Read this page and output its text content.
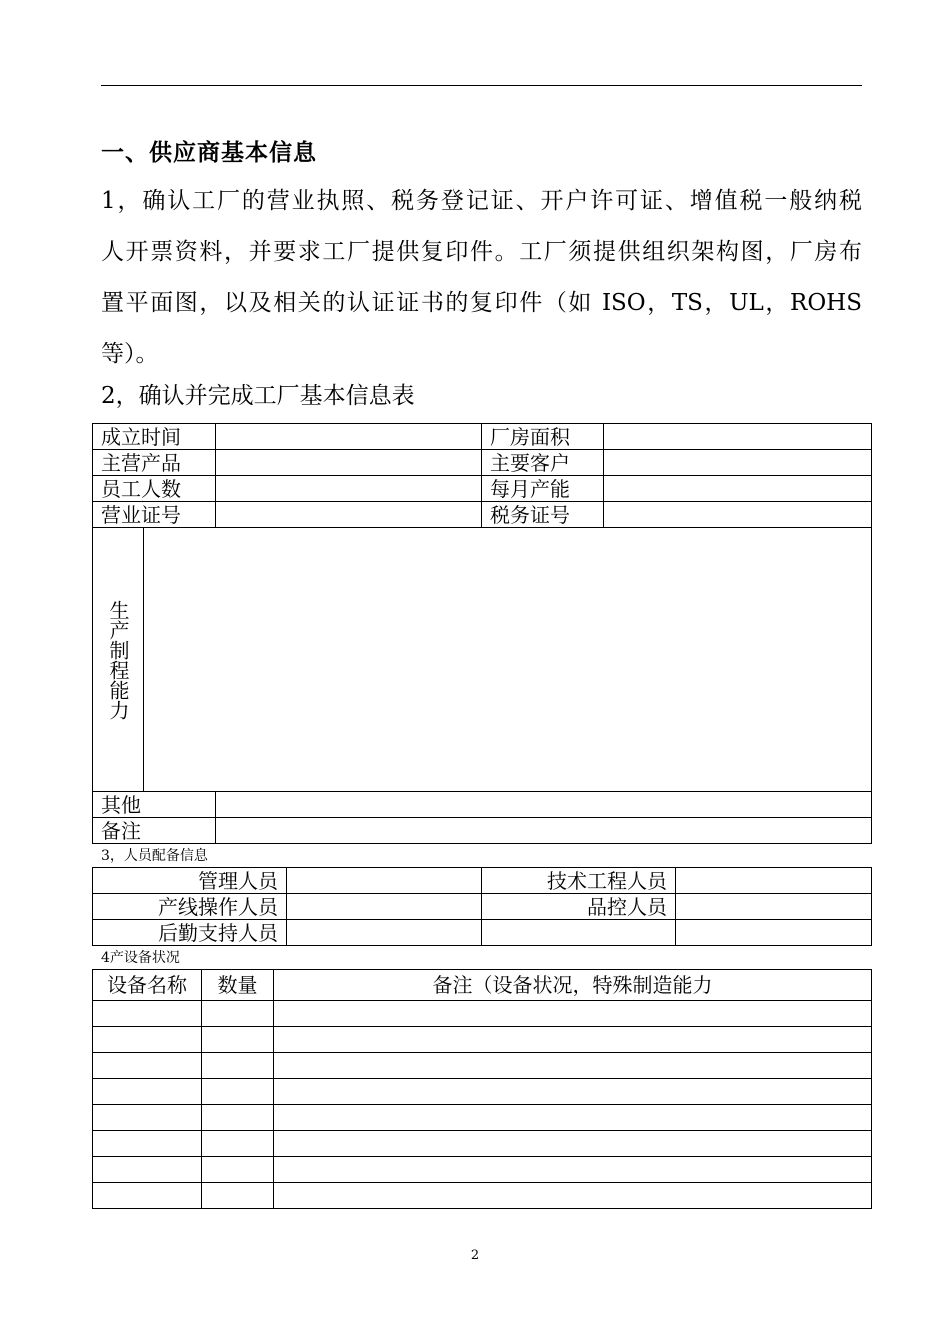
一、供应商基本信息
1，确认工厂的营业执照、税务登记证、开户许可证、增值税一般纳税
人开票资料，并要求工厂提供复印件。工厂须提供组织架构图，厂房布
置平面图，以及相关的认证证书的复印件（如 ISO，TS，UL，ROHS
等）。
2，确认并完成工厂基本信息表
成立时间			厂房面积	
主营产品			主要客户	
员工人数			每月产能	
营业证号			税务证号	
生产制程能力				
其他				
备注				
3，人员配备信息
管理人员		技术工程人员	
产线操作人员		品控人员	
后勤支持人员			
4产设备状况
设备名称	数量	备注（设备状况，特殊制造能力

2
